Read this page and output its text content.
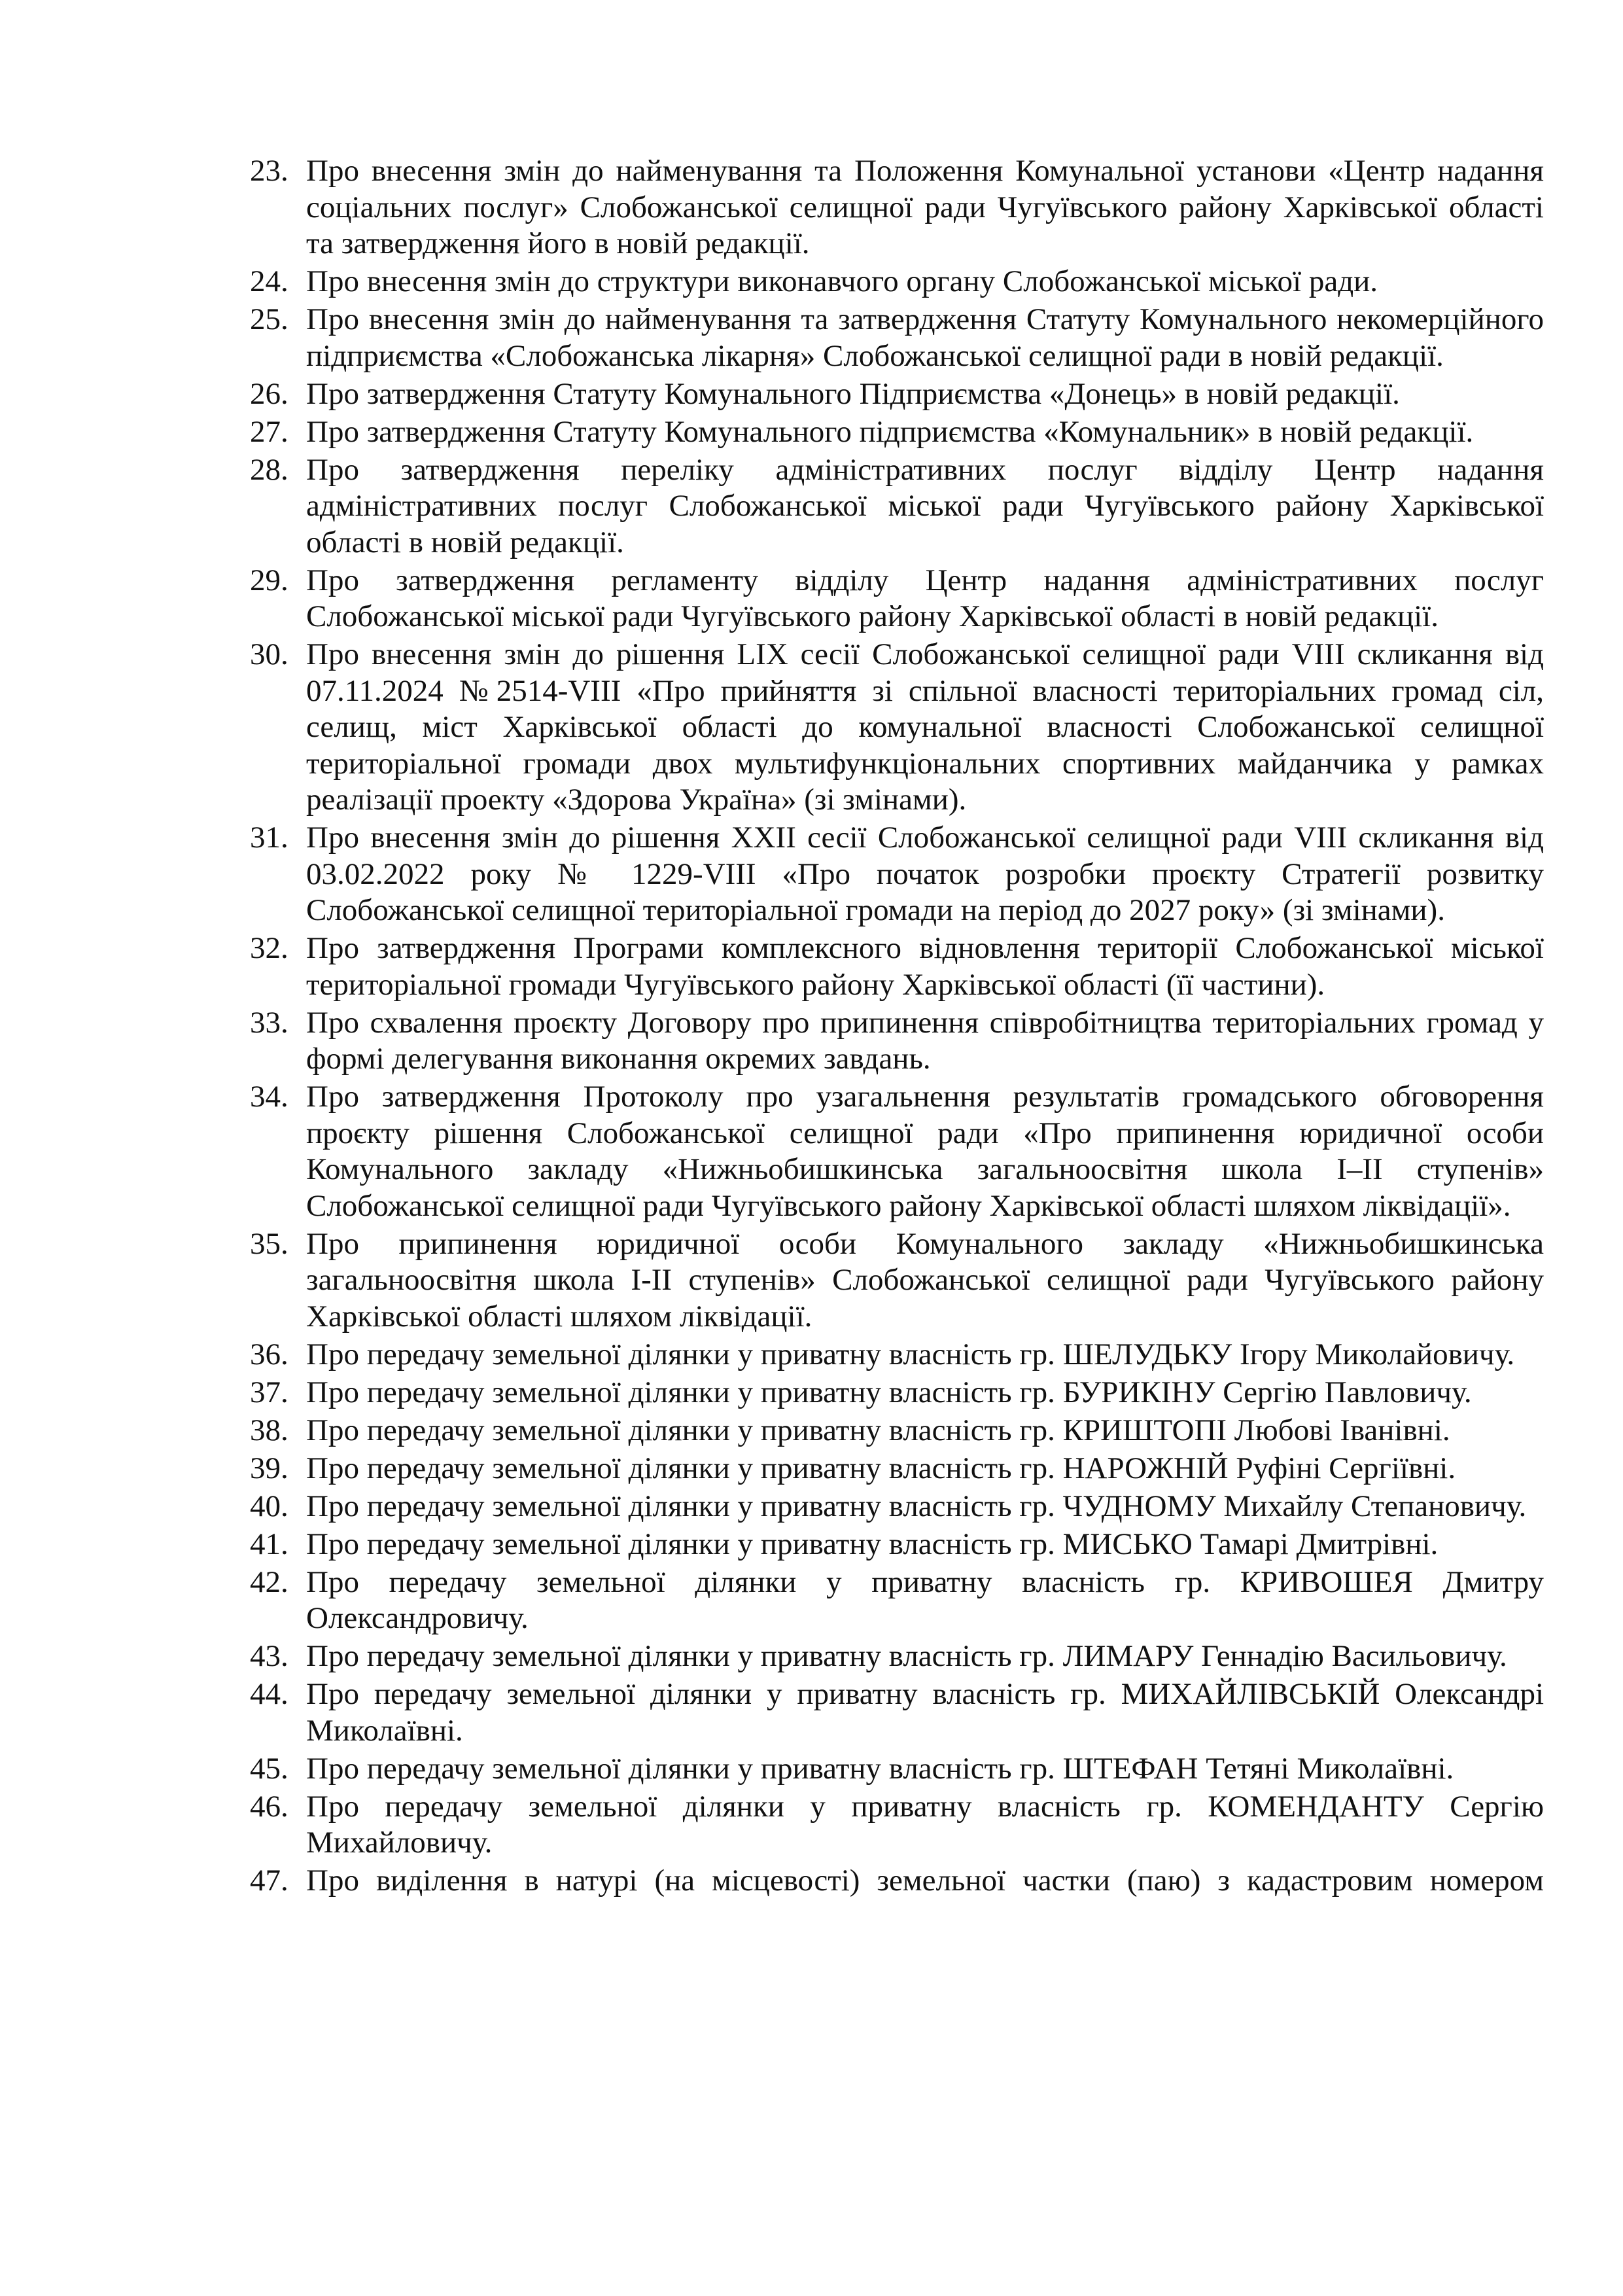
23. Про внесення змін до найменування та Положення Комунальної установи «Центр надання соціальних послуг» Слобожанської селищної ради Чугуївського району Харківської області та затвердження його в новій редакції.
24. Про внесення змін до структури виконавчого органу Слобожанської міської ради.
25. Про внесення змін до найменування та затвердження Статуту Комунального некомерційного підприємства «Слобожанська лікарня» Слобожанської селищної ради в новій редакції.
26. Про затвердження Статуту Комунального Підприємства «Донець» в новій редакції.
27. Про затвердження Статуту Комунального підприємства «Комунальник» в новій редакції.
28. Про затвердження переліку адміністративних послуг відділу Центр надання адміністративних послуг Слобожанської міської ради Чугуївського району Харківської області в новій редакції.
29. Про затвердження регламенту відділу Центр надання адміністративних послуг Слобожанської міської ради Чугуївського району Харківської області в новій редакції.
30. Про внесення змін до рішення LIX сесії Слобожанської селищної ради VIII скликання від 07.11.2024 №2514-VIII «Про прийняття зі спільної власності територіальних громад сіл, селищ, міст Харківської області до комунальної власності Слобожанської селищної територіальної громади двох мультифункціональних спортивних майданчика у рамках реалізації проекту «Здорова Україна» (зі змінами).
31. Про внесення змін до рішення XXII сесії Слобожанської селищної ради VIII скликання від 03.02.2022 року № 1229-VIII «Про початок розробки проєкту Стратегії розвитку Слобожанської селищної територіальної громади на період до 2027 року» (зі змінами).
32. Про затвердження Програми комплексного відновлення території Слобожанської міської територіальної громади Чугуївського району Харківської області (її частини).
33. Про схвалення проєкту Договору про припинення співробітництва територіальних громад у формі делегування виконання окремих завдань.
34. Про затвердження Протоколу про узагальнення результатів громадського обговорення проєкту рішення Слобожанської селищної ради «Про припинення юридичної особи Комунального закладу «Нижньобишкинська загальноосвітня школа I–II ступенів» Слобожанської селищної ради Чугуївського району Харківської області шляхом ліквідації».
35. Про припинення юридичної особи Комунального закладу «Нижньобишкинська загальноосвітня школа I-II ступенів» Слобожанської селищної ради Чугуївського району Харківської області шляхом ліквідації.
36. Про передачу земельної ділянки у приватну власність гр. ШЕЛУДЬКУ Ігору Миколайовичу.
37. Про передачу земельної ділянки у приватну власність гр. БУРИКІНУ Сергію Павловичу.
38. Про передачу земельної ділянки у приватну власність гр. КРИШТОПІ Любові Іванівні.
39. Про передачу земельної ділянки у приватну власність гр. НАРОЖНІЙ Руфіні Сергіївні.
40. Про передачу земельної ділянки у приватну власність гр. ЧУДНОМУ Михайлу Степановичу.
41. Про передачу земельної ділянки у приватну власність гр. МИСЬКО Тамарі Дмитрівні.
42. Про передачу земельної ділянки у приватну власність гр. КРИВОШЕЯ Дмитру Олександровичу.
43. Про передачу земельної ділянки у приватну власність гр. ЛИМАРУ Геннадію Васильовичу.
44. Про передачу земельної ділянки у приватну власність гр. МИХАЙЛІВСЬКІЙ Олександрі Миколаївні.
45. Про передачу земельної ділянки у приватну власність гр. ШТЕФАН Тетяні Миколаївні.
46. Про передачу земельної ділянки у приватну власність гр. КОМЕНДАНТУ Сергію Михайловичу.
47. Про виділення в натурі (на місцевості) земельної частки (паю) з кадастровим номером
